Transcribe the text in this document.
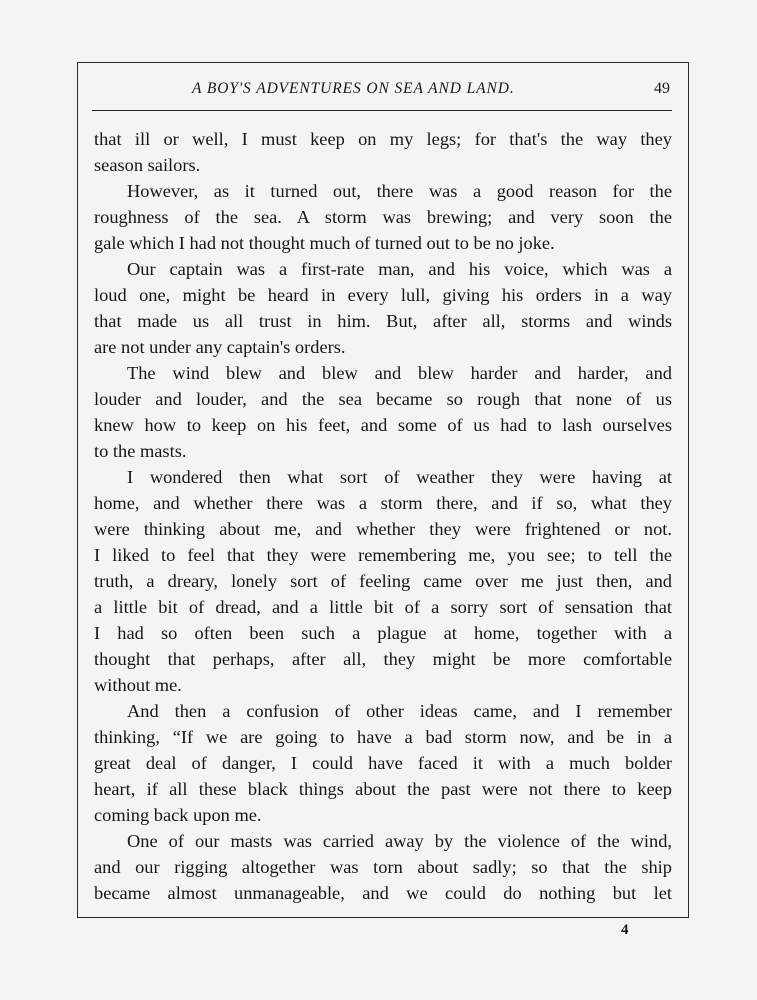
A BOY'S ADVENTURES ON SEA AND LAND.	49
that ill or well, I must keep on my legs; for that's the way they
season sailors.
However, as it turned out, there was a good reason for the
roughness of the sea. A storm was brewing; and very soon the
gale which I had not thought much of turned out to be no joke.
Our captain was a first-rate man, and his voice, which was a
loud one, might be heard in every lull, giving his orders in a way
that made us all trust in him. But, after all, storms and winds
are not under any captain's orders.
The wind blew and blew and blew harder and harder, and
louder and louder, and the sea became so rough that none of us
knew how to keep on his feet, and some of us had to lash ourselves
to the masts.
I wondered then what sort of weather they were having at
home, and whether there was a storm there, and if so, what they
were thinking about me, and whether they were frightened or not.
I liked to feel that they were remembering me, you see; to tell the
truth, a dreary, lonely sort of feeling came over me just then, and
a little bit of dread, and a little bit of a sorry sort of sensation that
I had so often been such a plague at home, together with a
thought that perhaps, after all, they might be more comfortable
without me.
And then a confusion of other ideas came, and I remember
thinking, “If we are going to have a bad storm now, and be in a
great deal of danger, I could have faced it with a much bolder
heart, if all these black things about the past were not there to keep
coming back upon me.
One of our masts was carried away by the violence of the wind,
and our rigging altogether was torn about sadly; so that the ship
became almost unmanageable, and we could do nothing but let
4
